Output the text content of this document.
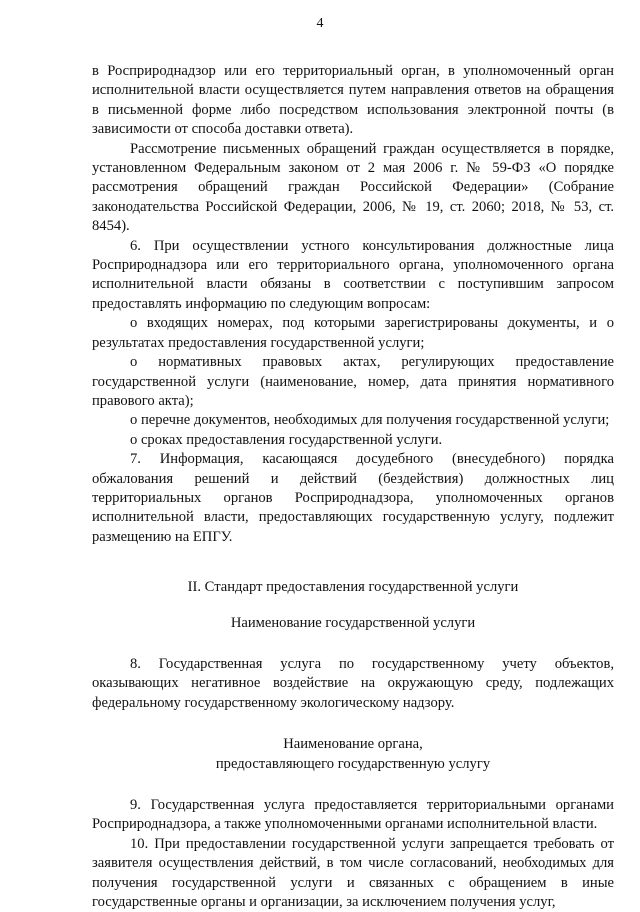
4

в Росприроднадзор или его территориальный орган, в уполномоченный орган исполнительной власти осуществляется путем направления ответов на обращения в письменной форме либо посредством использования электронной почты (в зависимости от способа доставки ответа).

Рассмотрение письменных обращений граждан осуществляется в порядке, установленном Федеральным законом от 2 мая 2006 г. № 59-ФЗ «О порядке рассмотрения обращений граждан Российской Федерации» (Собрание законодательства Российской Федерации, 2006, № 19, ст. 2060; 2018, № 53, ст. 8454).

6. При осуществлении устного консультирования должностные лица Росприроднадзора или его территориального органа, уполномоченного органа исполнительной власти обязаны в соответствии с поступившим запросом предоставлять информацию по следующим вопросам:

о входящих номерах, под которыми зарегистрированы документы, и о результатах предоставления государственной услуги;

о нормативных правовых актах, регулирующих предоставление государственной услуги (наименование, номер, дата принятия нормативного правового акта);

о перечне документов, необходимых для получения государственной услуги;

о сроках предоставления государственной услуги.

7. Информация, касающаяся досудебного (внесудебного) порядка обжалования решений и действий (бездействия) должностных лиц территориальных органов Росприроднадзора, уполномоченных органов исполнительной власти, предоставляющих государственную услугу, подлежит размещению на ЕПГУ.

II. Стандарт предоставления государственной услуги

Наименование государственной услуги

8. Государственная услуга по государственному учету объектов, оказывающих негативное воздействие на окружающую среду, подлежащих федеральному государственному экологическому надзору.

Наименование органа,

предоставляющего государственную услугу

9. Государственная услуга предоставляется территориальными органами Росприроднадзора, а также уполномоченными органами исполнительной власти.

10. При предоставлении государственной услуги запрещается требовать от заявителя осуществления действий, в том числе согласований, необходимых для получения государственной услуги и связанных с обращением в иные государственные органы и организации, за исключением получения услуг,
